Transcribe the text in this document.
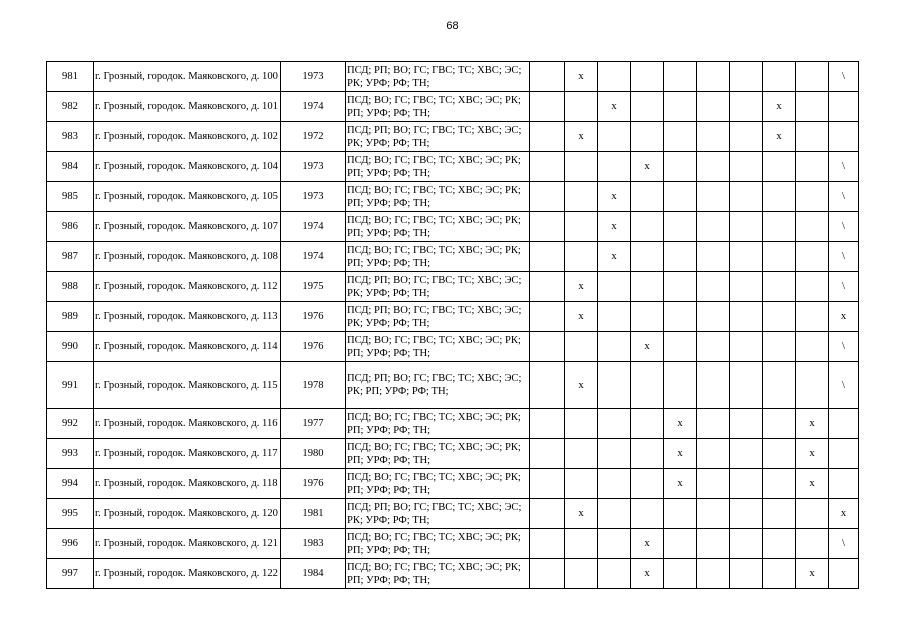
68
981	г. Грозный, городок. Маяковского, д. 100	1973	ПСД; РП; ВО; ГС; ГВС; ТС; ХВС; ЭС; РК; УРФ; РФ; ТН;		x								\
982	г. Грозный, городок. Маяковского, д. 101	1974	ПСД; ВО; ГС; ГВС; ТС; ХВС; ЭС; РК; РП; УРФ; РФ; ТН;			x					x		
983	г. Грозный, городок. Маяковского, д. 102	1972	ПСД; РП; ВО; ГС; ГВС; ТС; ХВС; ЭС; РК; УРФ; РФ; ТН;		x						x		
984	г. Грозный, городок. Маяковского, д. 104	1973	ПСД; ВО; ГС; ГВС; ТС; ХВС; ЭС; РК; РП; УРФ; РФ; ТН;				x						\
985	г. Грозный, городок. Маяковского, д. 105	1973	ПСД; ВО; ГС; ГВС; ТС; ХВС; ЭС; РК; РП; УРФ; РФ; ТН;			x							\
986	г. Грозный, городок. Маяковского, д. 107	1974	ПСД; ВО; ГС; ГВС; ТС; ХВС; ЭС; РК; РП; УРФ; РФ; ТН;			x							\
987	г. Грозный, городок. Маяковского, д. 108	1974	ПСД; ВО; ГС; ГВС; ТС; ХВС; ЭС; РК; РП; УРФ; РФ; ТН;			x							\
988	г. Грозный, городок. Маяковского, д. 112	1975	ПСД; РП; ВО; ГС; ГВС; ТС; ХВС; ЭС; РК; УРФ; РФ; ТН;		x								\
989	г. Грозный, городок. Маяковского, д. 113	1976	ПСД; РП; ВО; ГС; ГВС; ТС; ХВС; ЭС; РК; УРФ; РФ; ТН;		x								x
990	г. Грозный, городок. Маяковского, д. 114	1976	ПСД; ВО; ГС; ГВС; ТС; ХВС; ЭС; РК; РП; УРФ; РФ; ТН;				x						\
991	г. Грозный, городок. Маяковского, д. 115	1978	ПСД; РП; ВО; ГС; ГВС; ТС; ХВС; ЭС; РК; РП; УРФ; РФ; ТН;		x								\
992	г. Грозный, городок. Маяковского, д. 116	1977	ПСД; ВО; ГС; ГВС; ТС; ХВС; ЭС; РК; РП; УРФ; РФ; ТН;					x				x	
993	г. Грозный, городок. Маяковского, д. 117	1980	ПСД; ВО; ГС; ГВС; ТС; ХВС; ЭС; РК; РП; УРФ; РФ; ТН;					x				x	
994	г. Грозный, городок. Маяковского, д. 118	1976	ПСД; ВО; ГС; ГВС; ТС; ХВС; ЭС; РК; РП; УРФ; РФ; ТН;					x				x	
995	г. Грозный, городок. Маяковского, д. 120	1981	ПСД; РП; ВО; ГС; ГВС; ТС; ХВС; ЭС; РК; УРФ; РФ; ТН;		x								x
996	г. Грозный, городок. Маяковского, д. 121	1983	ПСД; ВО; ГС; ГВС; ТС; ХВС; ЭС; РК; РП; УРФ; РФ; ТН;				x						\
997	г. Грозный, городок. Маяковского, д. 122	1984	ПСД; ВО; ГС; ГВС; ТС; ХВС; ЭС; РК; РП; УРФ; РФ; ТН;				x					x	
